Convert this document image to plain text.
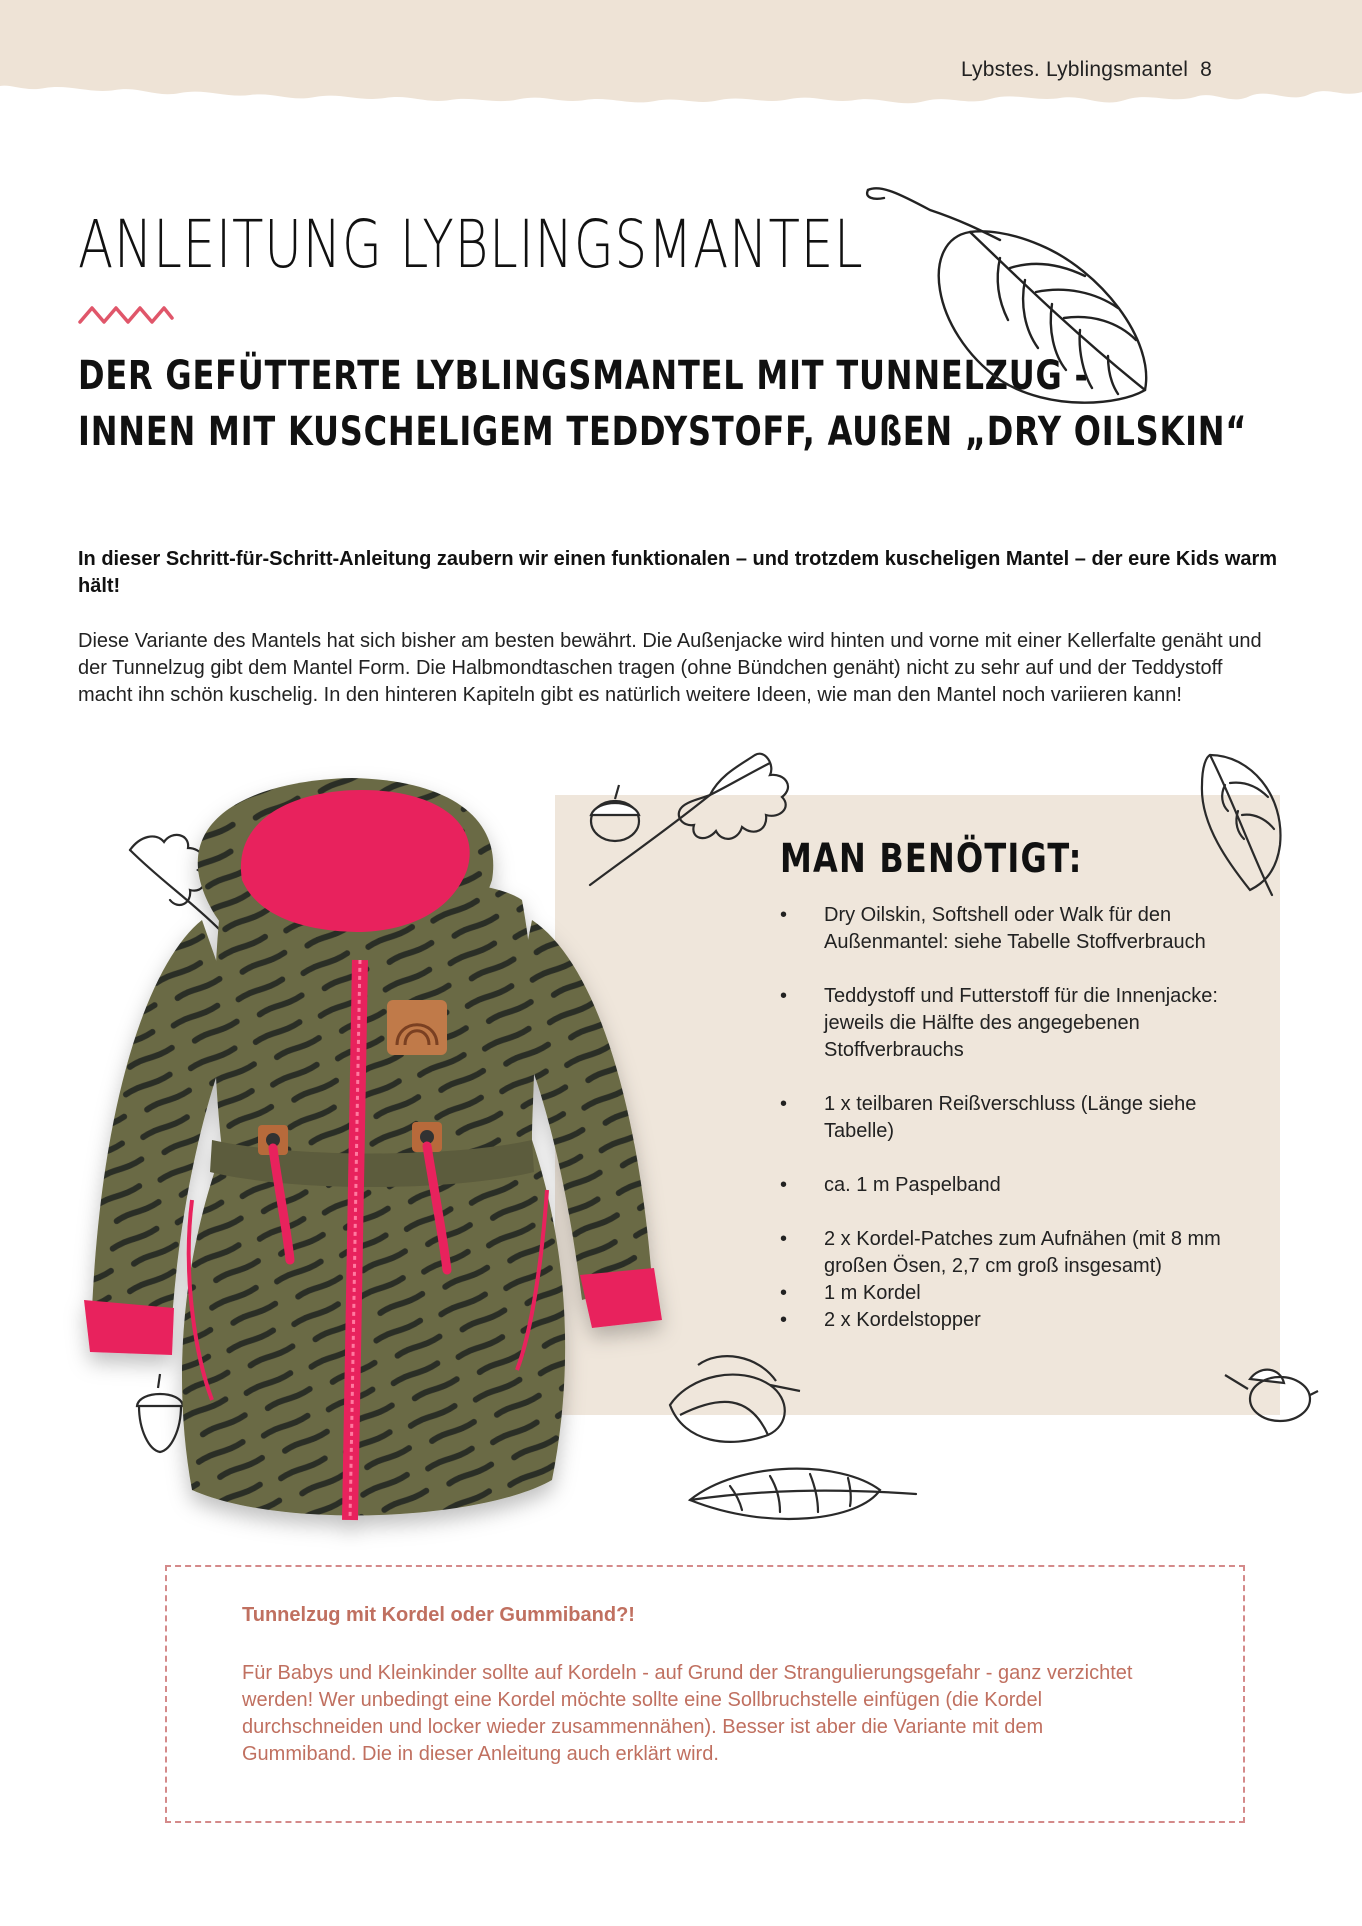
Lybstes. Lyblingsmantel 8
ANLEITUNG LYBLINGSMANTEL
DER GEFÜTTERTE LYBLINGSMANTEL MIT TUNNELZUG -
INNEN MIT KUSCHELIGEM TEDDYSTOFF, AUßEN „DRY OILSKIN“

In dieser Schritt-für-Schritt-Anleitung zaubern wir einen funktionalen – und trotzdem kuscheligen Mantel – der eure Kids warm hält!

Diese Variante des Mantels hat sich bisher am besten bewährt. Die Außenjacke wird hinten und vorne mit einer Kellerfalte genäht und der Tunnelzug gibt dem Mantel Form. Die Halbmondtaschen tragen (ohne Bündchen genäht) nicht zu sehr auf und der Teddystoff macht ihn schön kuschelig. In den hinteren Kapiteln gibt es natürlich weitere Ideen, wie man den Mantel noch variieren kann!

MAN BENÖTIGT:
• Dry Oilskin, Softshell oder Walk für den Außenmantel: siehe Tabelle Stoffverbrauch
• Teddystoff und Futterstoff für die Innenjacke: jeweils die Hälfte des angegebenen Stoffverbrauchs
• 1 x teilbaren Reißverschluss (Länge siehe Tabelle)
• ca. 1 m Paspelband
• 2 x Kordel-Patches zum Aufnähen (mit 8 mm großen Ösen, 2,7 cm groß insgesamt)
• 1 m Kordel
• 2 x Kordelstopper

Tunnelzug mit Kordel oder Gummiband?!

Für Babys und Kleinkinder sollte auf Kordeln - auf Grund der Strangulierungsgefahr - ganz verzichtet werden! Wer unbedingt eine Kordel möchte sollte eine Sollbruchstelle einfügen (die Kordel durchschneiden und locker wieder zusammennähen). Besser ist aber die Variante mit dem Gummiband. Die in dieser Anleitung auch erklärt wird.
